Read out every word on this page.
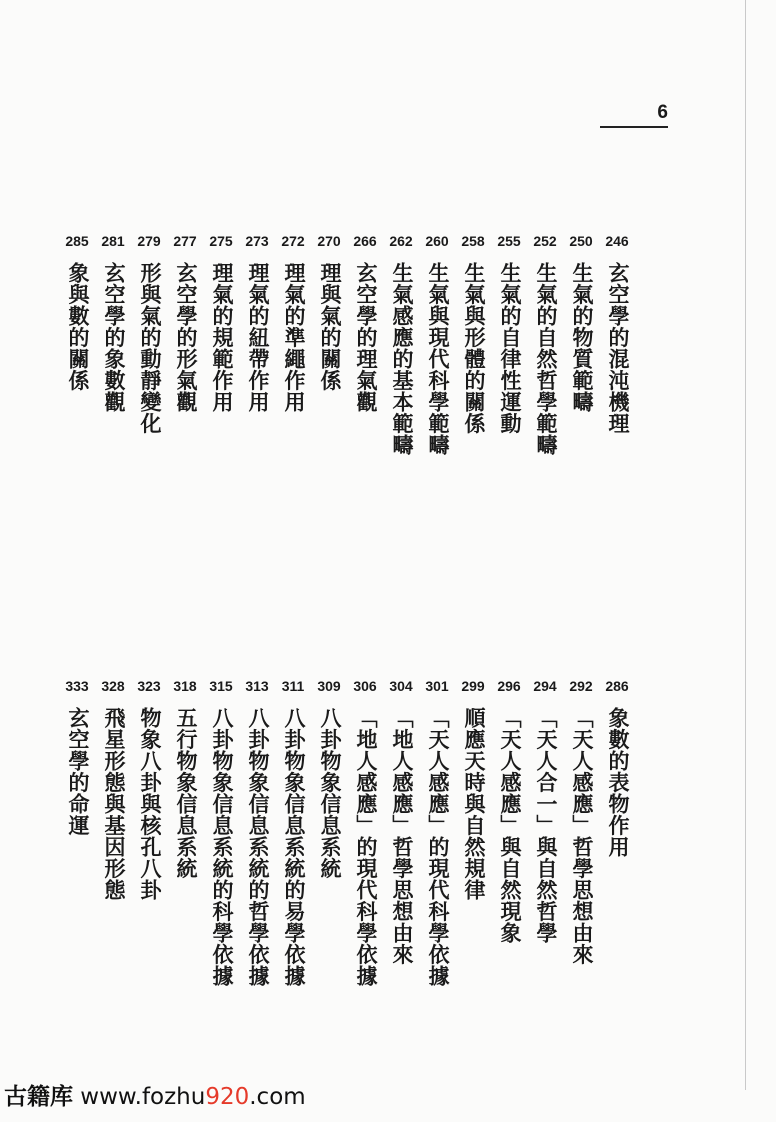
6
246
玄空學的混沌機理
250
生氣的物質範疇
252
生氣的自然哲學範疇
255
生氣的自律性運動
258
生氣與形體的關係
260
生氣與現代科學範疇
262
生氣感應的基本範疇
266
玄空學的理氣觀
270
理與氣的關係
272
理氣的準繩作用
273
理氣的紐帶作用
275
理氣的規範作用
277
玄空學的形氣觀
279
形與氣的動靜變化
281
玄空學的象數觀
285
象與數的關係
286
象數的表物作用
292
「天人感應」哲學思想由來
294
「天人合一」與自然哲學
296
「天人感應」與自然現象
299
順應天時與自然規律
301
「天人感應」的現代科學依據
304
「地人感應」哲學思想由來
306
「地人感應」的現代科學依據
309
八卦物象信息系統
311
八卦物象信息系統的易學依據
313
八卦物象信息系統的哲學依據
315
八卦物象信息系統的科學依據
318
五行物象信息系統
323
物象八卦與核孔八卦
328
飛星形態與基因形態
333
玄空學的命運
古籍库 www.fozhu920.com
